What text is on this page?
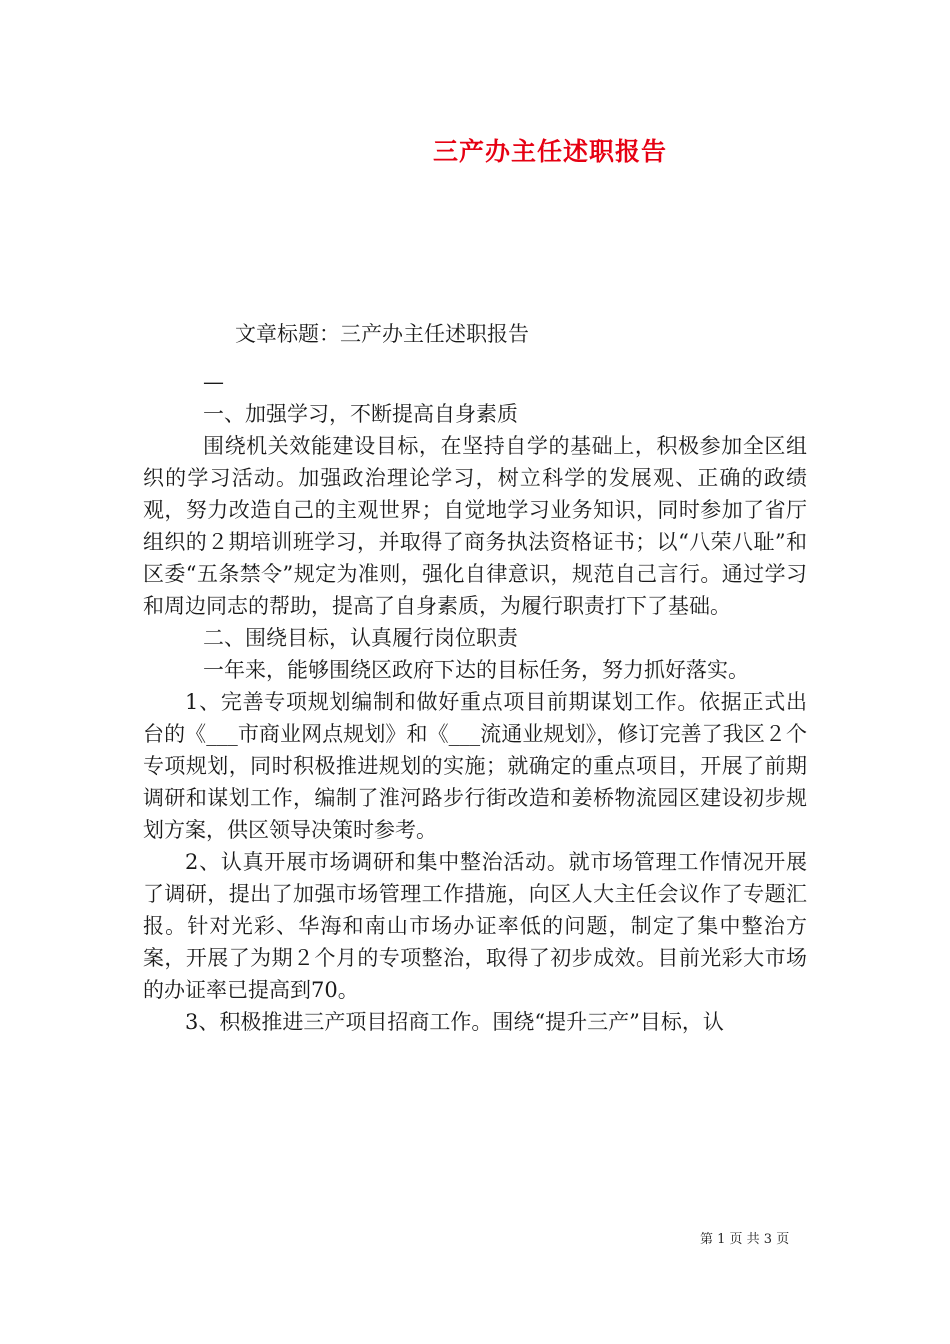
三产办主任述职报告

文章标题：三产办主任述职报告

—

一、加强学习，不断提高自身素质

围绕机关效能建设目标，在坚持自学的基础上，积极参加全区组织的学习活动。加强政治理论学习，树立科学的发展观、正确的政绩观，努力改造自己的主观世界；自觉地学习业务知识，同时参加了省厅组织的２期培训班学习，并取得了商务执法资格证书；以“八荣八耻”和区委“五条禁令”规定为准则，强化自律意识，规范自己言行。通过学习和周边同志的帮助，提高了自身素质，为履行职责打下了基础。

二、围绕目标，认真履行岗位职责

一年来，能够围绕区政府下达的目标任务，努力抓好落实。

1、完善专项规划编制和做好重点项目前期谋划工作。依据正式出台的《___市商业网点规划》和《___流通业规划》，修订完善了我区２个专项规划，同时积极推进规划的实施；就确定的重点项目，开展了前期调研和谋划工作，编制了淮河路步行街改造和姜桥物流园区建设初步规划方案，供区领导决策时参考。

2、认真开展市场调研和集中整治活动。就市场管理工作情况开展了调研，提出了加强市场管理工作措施，向区人大主任会议作了专题汇报。针对光彩、华海和南山市场办证率低的问题，制定了集中整治方案，开展了为期２个月的专项整治，取得了初步成效。目前光彩大市场的办证率已提高到70。

3、积极推进三产项目招商工作。围绕“提升三产”目标，认

第 1 页 共 3 页
